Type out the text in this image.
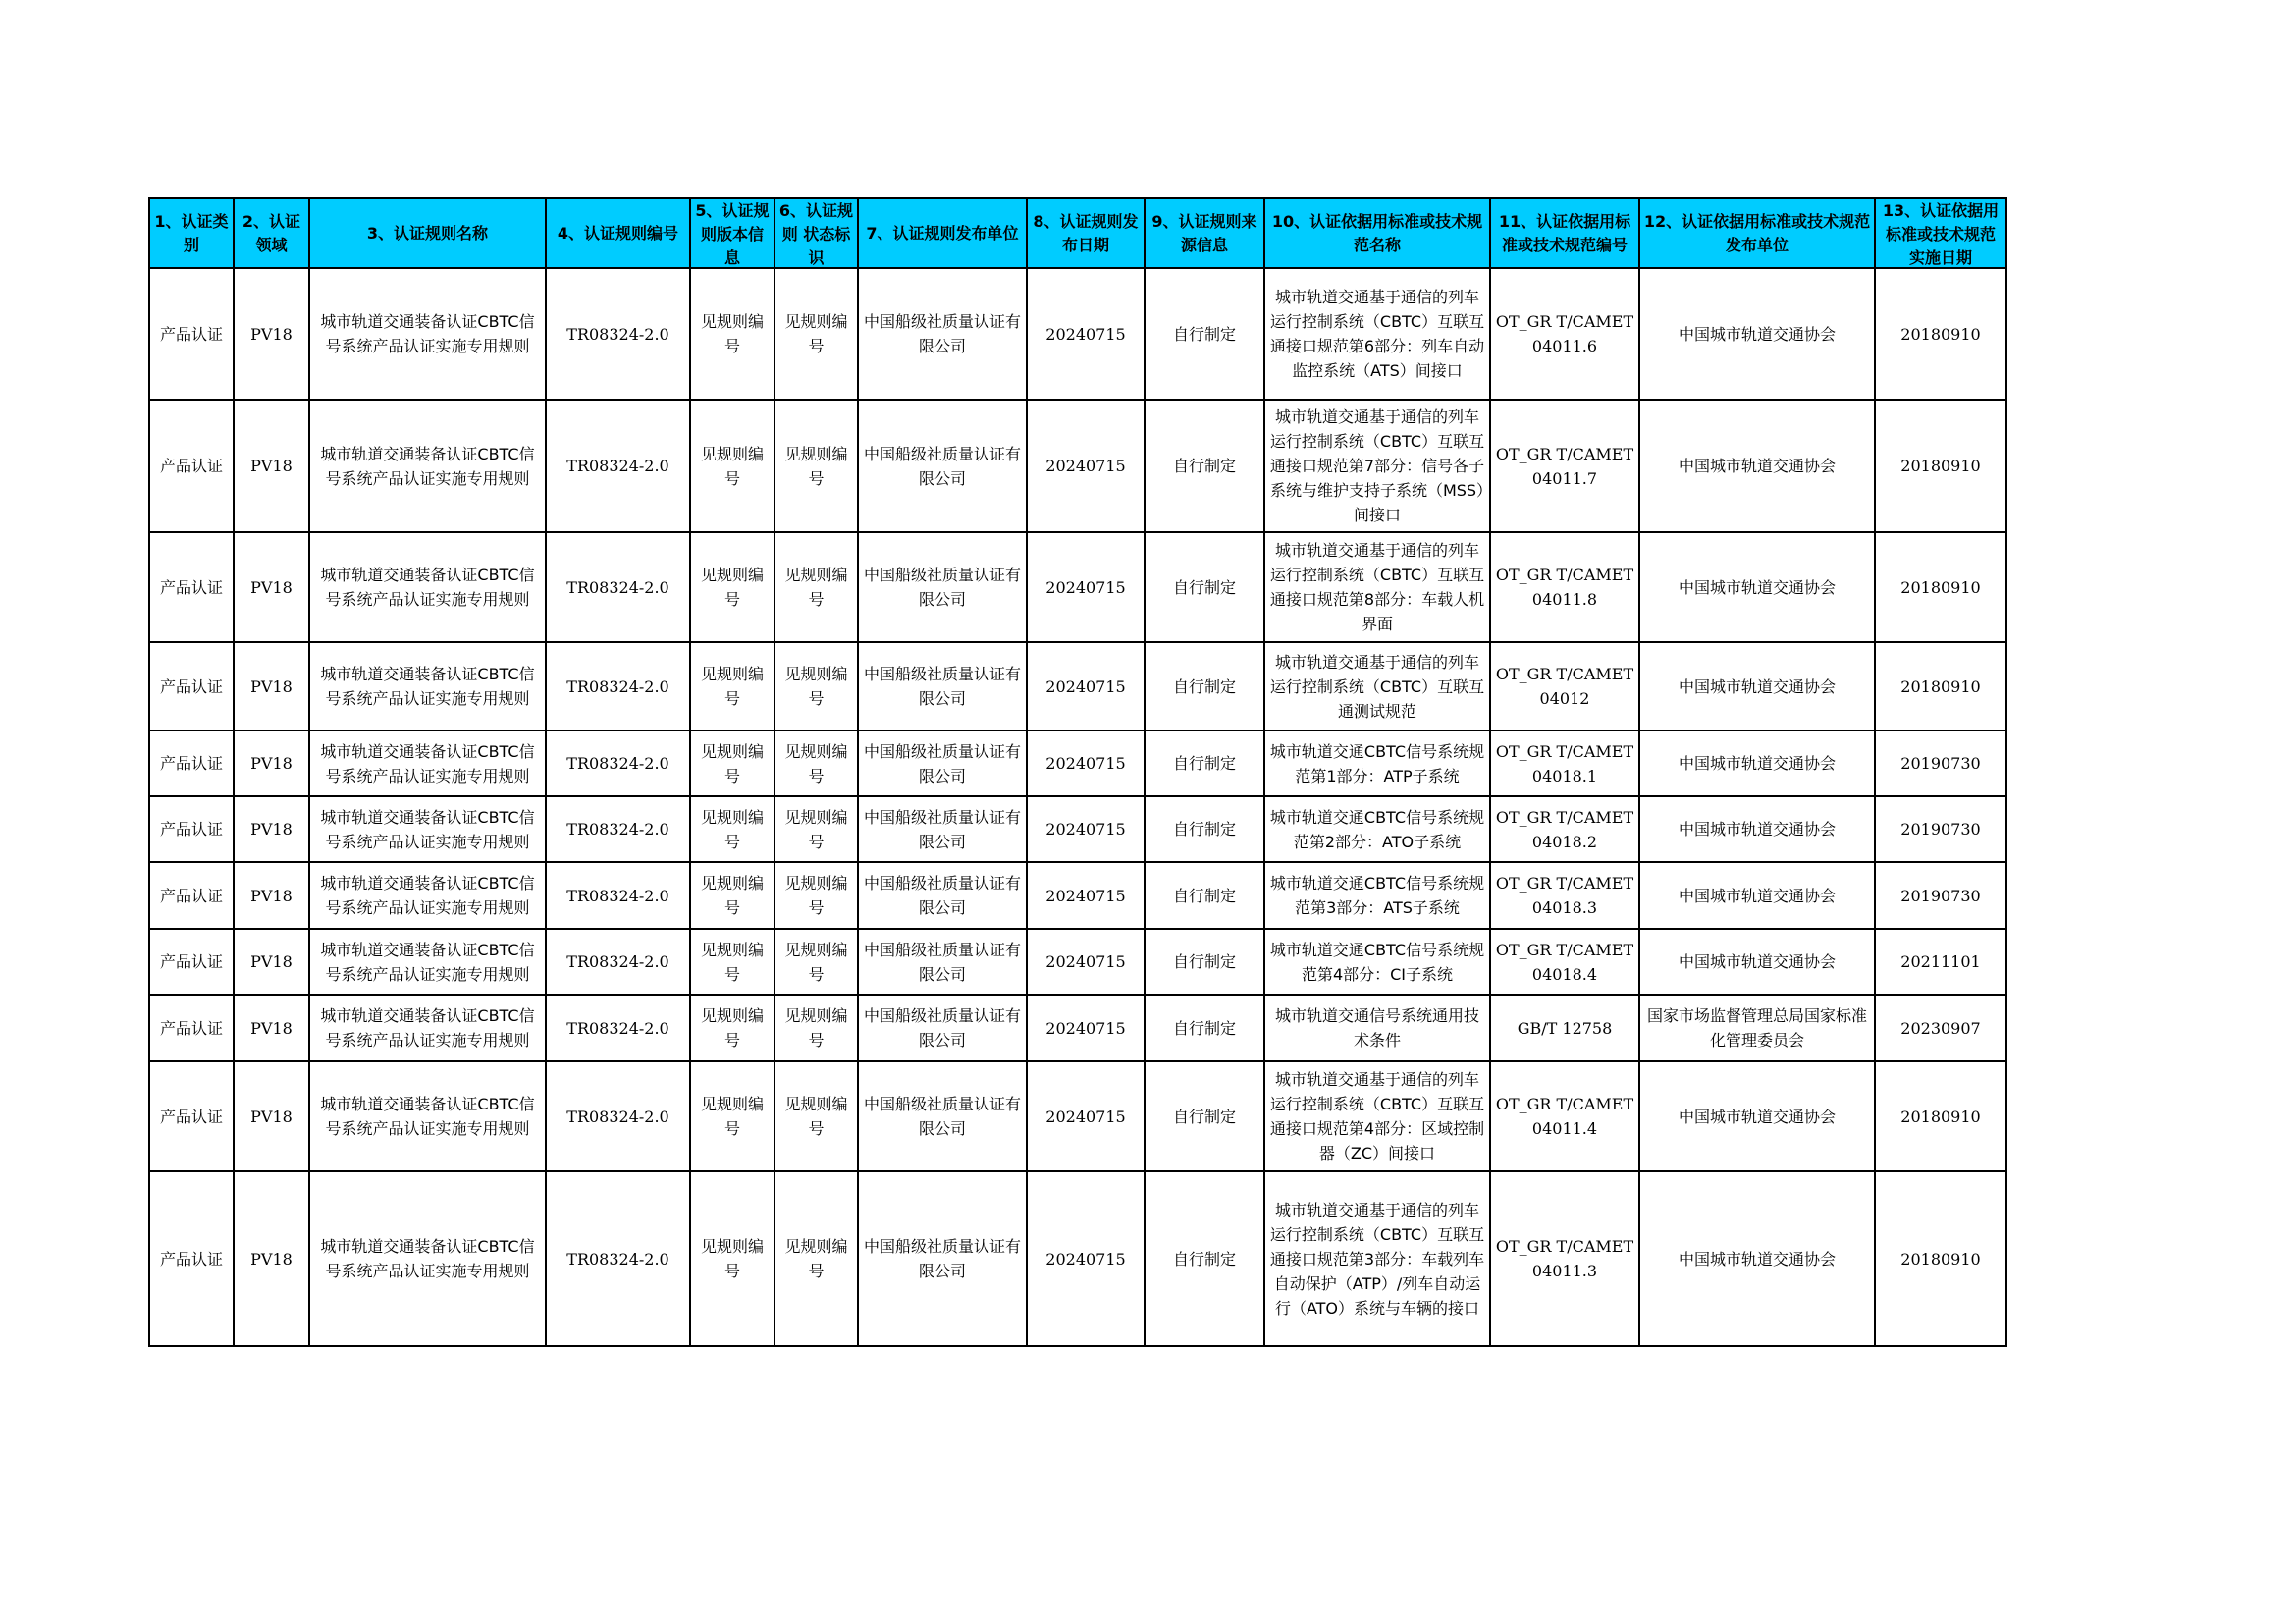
1、认证类别	2、认证领域	3、认证规则名称	4、认证规则编号	5、认证规则版本信息	6、认证规则 状态标识	7、认证规则发布单位	8、认证规则发布日期	9、认证规则来源信息	10、认证依据用标准或技术规范名称	11、认证依据用标准或技术规范编号	12、认证依据用标准或技术规范发布单位	13、认证依据用标准或技术规范实施日期

产品认证	PV18	城市轨道交通装备认证CBTC信号系统产品认证实施专用规则	TR08324-2.0	见规则编号	见规则编号	中国船级社质量认证有限公司	20240715	自行制定	城市轨道交通基于通信的列车运行控制系统（CBTC）互联互通接口规范第6部分：列车自动监控系统（ATS）间接口	OT_GR T/CAMET 04011.6	中国城市轨道交通协会	20180910
产品认证	PV18	城市轨道交通装备认证CBTC信号系统产品认证实施专用规则	TR08324-2.0	见规则编号	见规则编号	中国船级社质量认证有限公司	20240715	自行制定	城市轨道交通基于通信的列车运行控制系统（CBTC）互联互通接口规范第7部分：信号各子系统与维护支持子系统（MSS）间接口	OT_GR T/CAMET 04011.7	中国城市轨道交通协会	20180910
产品认证	PV18	城市轨道交通装备认证CBTC信号系统产品认证实施专用规则	TR08324-2.0	见规则编号	见规则编号	中国船级社质量认证有限公司	20240715	自行制定	城市轨道交通基于通信的列车运行控制系统（CBTC）互联互通接口规范第8部分：车载人机界面	OT_GR T/CAMET 04011.8	中国城市轨道交通协会	20180910
产品认证	PV18	城市轨道交通装备认证CBTC信号系统产品认证实施专用规则	TR08324-2.0	见规则编号	见规则编号	中国船级社质量认证有限公司	20240715	自行制定	城市轨道交通基于通信的列车运行控制系统（CBTC）互联互通测试规范	OT_GR T/CAMET 04012	中国城市轨道交通协会	20180910
产品认证	PV18	城市轨道交通装备认证CBTC信号系统产品认证实施专用规则	TR08324-2.0	见规则编号	见规则编号	中国船级社质量认证有限公司	20240715	自行制定	城市轨道交通CBTC信号系统规范第1部分：ATP子系统	OT_GR T/CAMET 04018.1	中国城市轨道交通协会	20190730
产品认证	PV18	城市轨道交通装备认证CBTC信号系统产品认证实施专用规则	TR08324-2.0	见规则编号	见规则编号	中国船级社质量认证有限公司	20240715	自行制定	城市轨道交通CBTC信号系统规范第2部分：ATO子系统	OT_GR T/CAMET 04018.2	中国城市轨道交通协会	20190730
产品认证	PV18	城市轨道交通装备认证CBTC信号系统产品认证实施专用规则	TR08324-2.0	见规则编号	见规则编号	中国船级社质量认证有限公司	20240715	自行制定	城市轨道交通CBTC信号系统规范第3部分：ATS子系统	OT_GR T/CAMET 04018.3	中国城市轨道交通协会	20190730
产品认证	PV18	城市轨道交通装备认证CBTC信号系统产品认证实施专用规则	TR08324-2.0	见规则编号	见规则编号	中国船级社质量认证有限公司	20240715	自行制定	城市轨道交通CBTC信号系统规范第4部分：CI子系统	OT_GR T/CAMET 04018.4	中国城市轨道交通协会	20211101
产品认证	PV18	城市轨道交通装备认证CBTC信号系统产品认证实施专用规则	TR08324-2.0	见规则编号	见规则编号	中国船级社质量认证有限公司	20240715	自行制定	城市轨道交通信号系统通用技术条件	GB/T 12758	国家市场监督管理总局国家标准化管理委员会	20230907
产品认证	PV18	城市轨道交通装备认证CBTC信号系统产品认证实施专用规则	TR08324-2.0	见规则编号	见规则编号	中国船级社质量认证有限公司	20240715	自行制定	城市轨道交通基于通信的列车运行控制系统（CBTC）互联互通接口规范第4部分：区域控制器（ZC）间接口	OT_GR T/CAMET 04011.4	中国城市轨道交通协会	20180910
产品认证	PV18	城市轨道交通装备认证CBTC信号系统产品认证实施专用规则	TR08324-2.0	见规则编号	见规则编号	中国船级社质量认证有限公司	20240715	自行制定	城市轨道交通基于通信的列车运行控制系统（CBTC）互联互通接口规范第3部分：车载列车自动保护（ATP）/列车自动运行（ATO）系统与车辆的接口	OT_GR T/CAMET 04011.3	中国城市轨道交通协会	20180910
